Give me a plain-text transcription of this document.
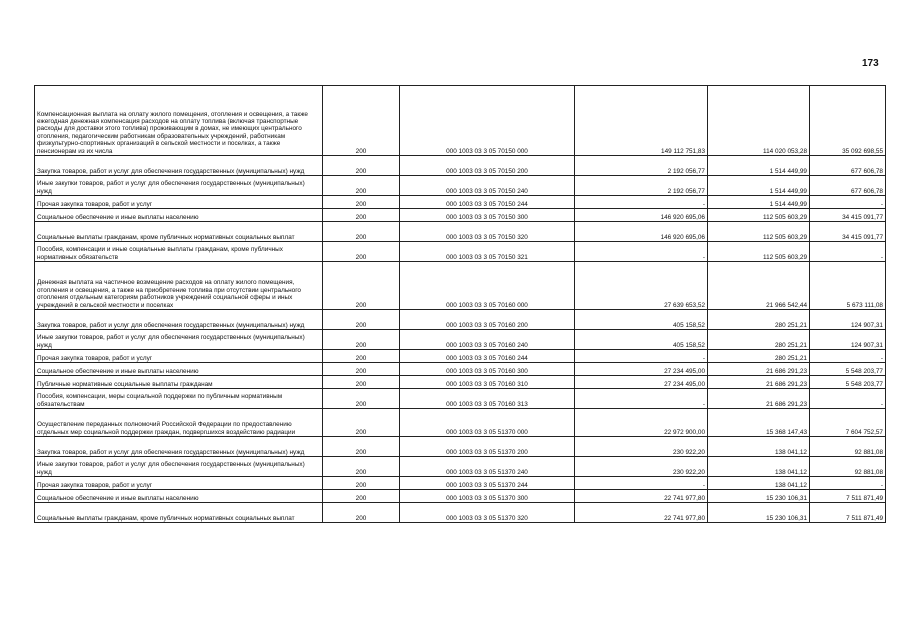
173
Компенсационная выплата на оплату жилого помещения, отопления и освещения, а также ежегодная денежная компенсация расходов на оплату топлива (включая транспортные расходы для доставки этого топлива) проживающим в домах, не имеющих центрального отопления, педагогическим работникам образовательных учреждений, работникам физкультурно-спортивных организаций в сельской местности и поселках, а также пенсионерам из их числа	200	000 1003 03 3 05 70150 000	149 112 751,83	114 020 053,28	35 092 698,55
Закупка товаров, работ и услуг для обеспечения государственных (муниципальных) нужд	200	000 1003 03 3 05 70150 200	2 192 056,77	1 514 449,99	677 606,78
Иные закупки товаров, работ и услуг для обеспечения государственных (муниципальных) нужд	200	000 1003 03 3 05 70150 240	2 192 056,77	1 514 449,99	677 606,78
Прочая закупка товаров, работ и услуг	200	000 1003 03 3 05 70150 244	-	1 514 449,99	-
Социальное обеспечение и иные выплаты населению	200	000 1003 03 3 05 70150 300	146 920 695,06	112 505 603,29	34 415 091,77
Социальные выплаты гражданам, кроме публичных нормативных социальных выплат	200	000 1003 03 3 05 70150 320	146 920 695,06	112 505 603,29	34 415 091,77
Пособия, компенсации и иные социальные выплаты гражданам, кроме публичных нормативных обязательств	200	000 1003 03 3 05 70150 321	-	112 505 603,29	-
Денежная выплата на частичное возмещение расходов на оплату жилого помещения, отопления и освещения, а также на приобретение топлива при отсутствии центрального отопления отдельным категориям работников учреждений социальной сферы и иных учреждений в сельской местности и поселках	200	000 1003 03 3 05 70160 000	27 639 653,52	21 966 542,44	5 673 111,08
Закупка товаров, работ и услуг для обеспечения государственных (муниципальных) нужд	200	000 1003 03 3 05 70160 200	405 158,52	280 251,21	124 907,31
Иные закупки товаров, работ и услуг для обеспечения государственных (муниципальных) нужд	200	000 1003 03 3 05 70160 240	405 158,52	280 251,21	124 907,31
Прочая закупка товаров, работ и услуг	200	000 1003 03 3 05 70160 244	-	280 251,21	-
Социальное обеспечение и иные выплаты населению	200	000 1003 03 3 05 70160 300	27 234 495,00	21 686 291,23	5 548 203,77
Публичные нормативные социальные выплаты гражданам	200	000 1003 03 3 05 70160 310	27 234 495,00	21 686 291,23	5 548 203,77
Пособия, компенсации, меры социальной поддержки по публичным нормативным обязательствам	200	000 1003 03 3 05 70160 313	-	21 686 291,23	-
Осуществление переданных полномочий Российской Федерации по предоставлению отдельных мер социальной поддержки граждан, подвергшихся воздействию радиации	200	000 1003 03 3 05 51370 000	22 972 900,00	15 368 147,43	7 604 752,57
Закупка товаров, работ и услуг для обеспечения государственных (муниципальных) нужд	200	000 1003 03 3 05 51370 200	230 922,20	138 041,12	92 881,08
Иные закупки товаров, работ и услуг для обеспечения государственных (муниципальных) нужд	200	000 1003 03 3 05 51370 240	230 922,20	138 041,12	92 881,08
Прочая закупка товаров, работ и услуг	200	000 1003 03 3 05 51370 244	-	138 041,12	-
Социальное обеспечение и иные выплаты населению	200	000 1003 03 3 05 51370 300	22 741 977,80	15 230 106,31	7 511 871,49
Социальные выплаты гражданам, кроме публичных нормативных социальных выплат	200	000 1003 03 3 05 51370 320	22 741 977,80	15 230 106,31	7 511 871,49
